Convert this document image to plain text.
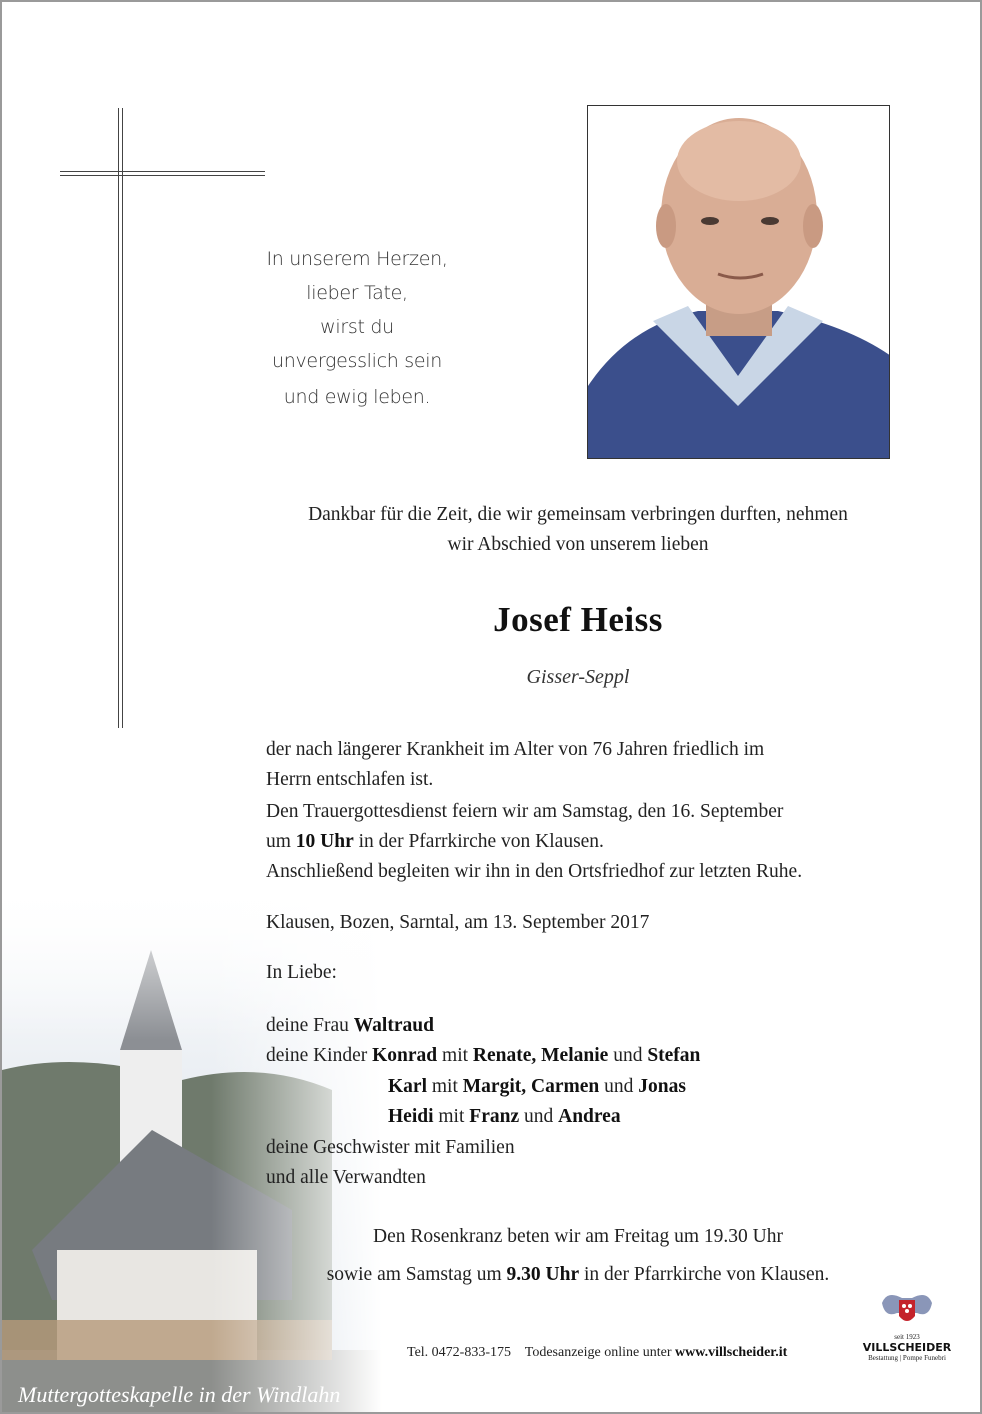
Muttergotteskapelle in der Windlahn
In unserem Herzen,
lieber Tate,
wirst du
unvergesslich sein
und ewig leben.
Dankbar für die Zeit, die wir gemeinsam verbringen durften, nehmen
wir Abschied von unserem lieben
Josef Heiss
Gisser-Seppl
der nach längerer Krankheit im Alter von 76 Jahren friedlich im
Herrn entschlafen ist.
Den Trauergottesdienst feiern wir am Samstag, den 16. September
um 10 Uhr in der Pfarrkirche von Klausen.
Anschließend begleiten wir ihn in den Ortsfriedhof zur letzten Ruhe.
Klausen, Bozen, Sarntal, am 13. September 2017
In Liebe:
deine Frau Waltraud
deine Kinder Konrad mit Renate, Melanie und Stefan
Karl mit Margit, Carmen und Jonas
Heidi mit Franz und Andrea
deine Geschwister mit Familien
und alle Verwandten
Den Rosenkranz beten wir am Freitag um 19.30 Uhr
sowie am Samstag um 9.30 Uhr in der Pfarrkirche von Klausen.
Tel. 0472-833-175 Todesanzeige online unter www.villscheider.it
seit 1923
VILLSCHEIDER
Bestattung | Pompe Funebri
